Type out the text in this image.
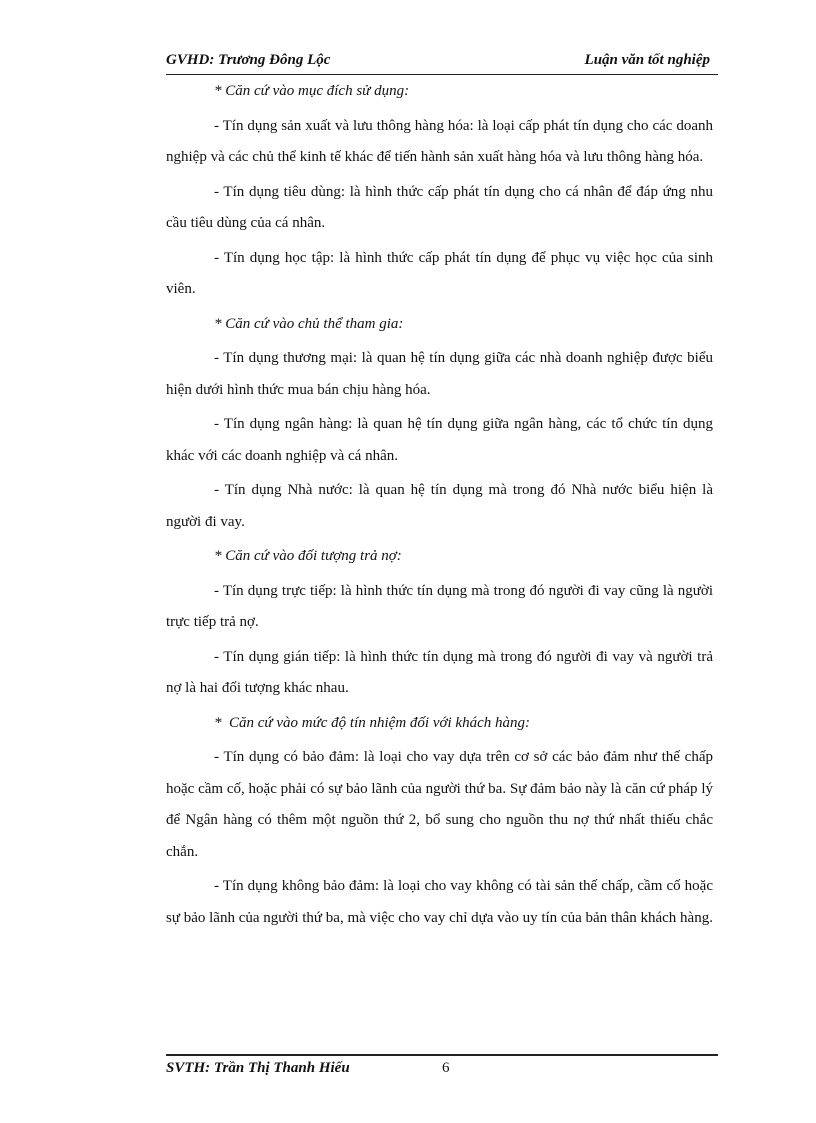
GVHD: Trương Đông Lộc	Luận văn tốt nghiệp

* Căn cứ vào mục đích sử dụng:

- Tín dụng sản xuất và lưu thông hàng hóa: là loại cấp phát tín dụng cho các doanh nghiệp và các chủ thể kinh tế khác để tiến hành sản xuất hàng hóa và lưu thông hàng hóa.

- Tín dụng tiêu dùng: là hình thức cấp phát tín dụng cho cá nhân để đáp ứng nhu cầu tiêu dùng của cá nhân.

- Tín dụng học tập: là hình thức cấp phát tín dụng để phục vụ việc học của sinh viên.

* Căn cứ vào chủ thể tham gia:

- Tín dụng thương mại: là quan hệ tín dụng giữa các nhà doanh nghiệp được biểu hiện dưới hình thức mua bán chịu hàng hóa.

- Tín dụng ngân hàng: là quan hệ tín dụng giữa ngân hàng, các tổ chức tín dụng khác với các doanh nghiệp và cá nhân.

- Tín dụng Nhà nước: là quan hệ tín dụng mà trong đó Nhà nước biểu hiện là người đi vay.

* Căn cứ vào đối tượng trả nợ:

- Tín dụng trực tiếp: là hình thức tín dụng mà trong đó người đi vay cũng là người trực tiếp trả nợ.

- Tín dụng gián tiếp: là hình thức tín dụng mà trong đó người đi vay và người trả nợ là hai đối tượng khác nhau.

*  Căn cứ vào mức độ tín nhiệm đối với khách hàng:

- Tín dụng có bảo đảm: là loại cho vay dựa trên cơ sở các bảo đảm như thế chấp hoặc cầm cố, hoặc phải có sự bảo lãnh của người thứ ba. Sự đảm bảo này là căn cứ pháp lý để Ngân hàng có thêm một nguồn thứ 2, bổ sung cho nguồn thu nợ thứ nhất thiếu chắc chắn.

- Tín dụng không bảo đảm: là loại cho vay không có tài sản thế chấp, cầm cố hoặc sự bảo lãnh của người thứ ba, mà việc cho vay chỉ dựa vào uy tín của bản thân khách hàng.

SVTH: Trần Thị Thanh Hiếu	6
